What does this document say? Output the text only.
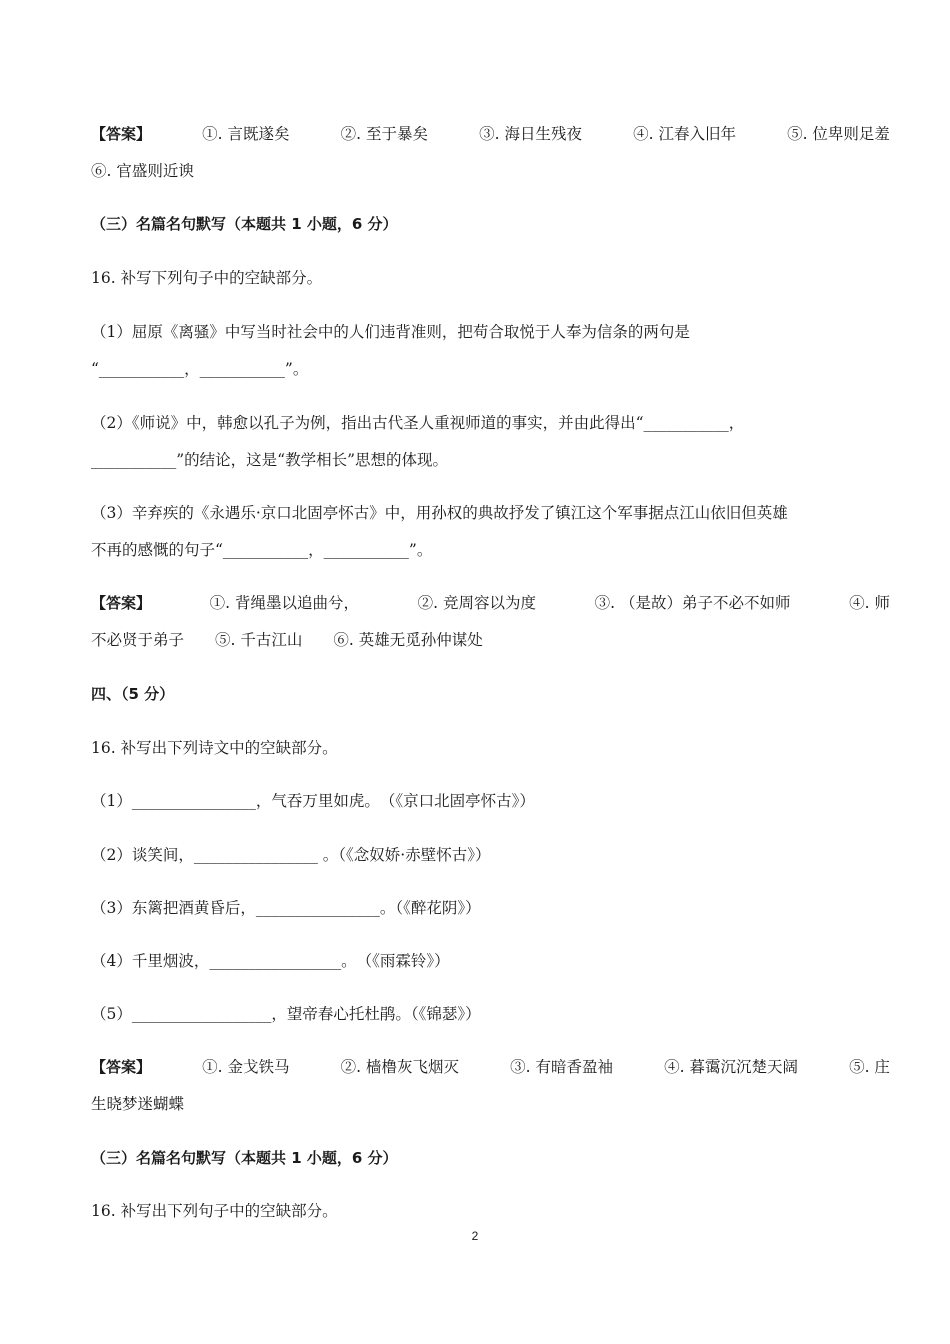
【答案】	①. 言既遂矣	②. 至于暴矣	③. 海日生残夜	④. 江春入旧年	⑤. 位卑则足羞
⑥. 官盛则近谀
（三）名篇名句默写（本题共 1 小题，6 分）
16. 补写下列句子中的空缺部分。
（1）屈原《离骚》中写当时社会中的人们违背准则，把苟合取悦于人奉为信条的两句是
“___________，___________”。
（2）《师说》中，韩愈以孔子为例，指出古代圣人重视师道的事实，并由此得出“___________，
___________”的结论，这是“教学相长”思想的体现。
（3）辛弃疾的《永遇乐·京口北固亭怀古》中，用孙权的典故抒发了镇江这个军事据点江山依旧但英雄
不再的感慨的句子“___________，___________”。
【答案】	①. 背绳墨以追曲兮，	②. 竞周容以为度	③. （是故）弟子不必不如师	④. 师
不必贤于弟子　　⑤. 千古江山　　⑥. 英雄无觅孙仲谋处
四、（5 分）
16. 补写出下列诗文中的空缺部分。
（1）________________，气吞万里如虎。　（《京口北固亭怀古》）
（2）谈笑间，________________ 。（《念奴娇·赤壁怀古》）
（3）东篱把酒黄昏后，________________。（《醉花阴》）
（4）千里烟波，_________________。　（《雨霖铃》）
（5）__________________，望帝春心托杜鹃。（《锦瑟》）
【答案】	①. 金戈铁马	②. 樯橹灰飞烟灭	③. 有暗香盈袖	④. 暮霭沉沉楚天阔	⑤. 庄
生晓梦迷蝴蝶
（三）名篇名句默写（本题共 1 小题，6 分）
16. 补写出下列句子中的空缺部分。
2
